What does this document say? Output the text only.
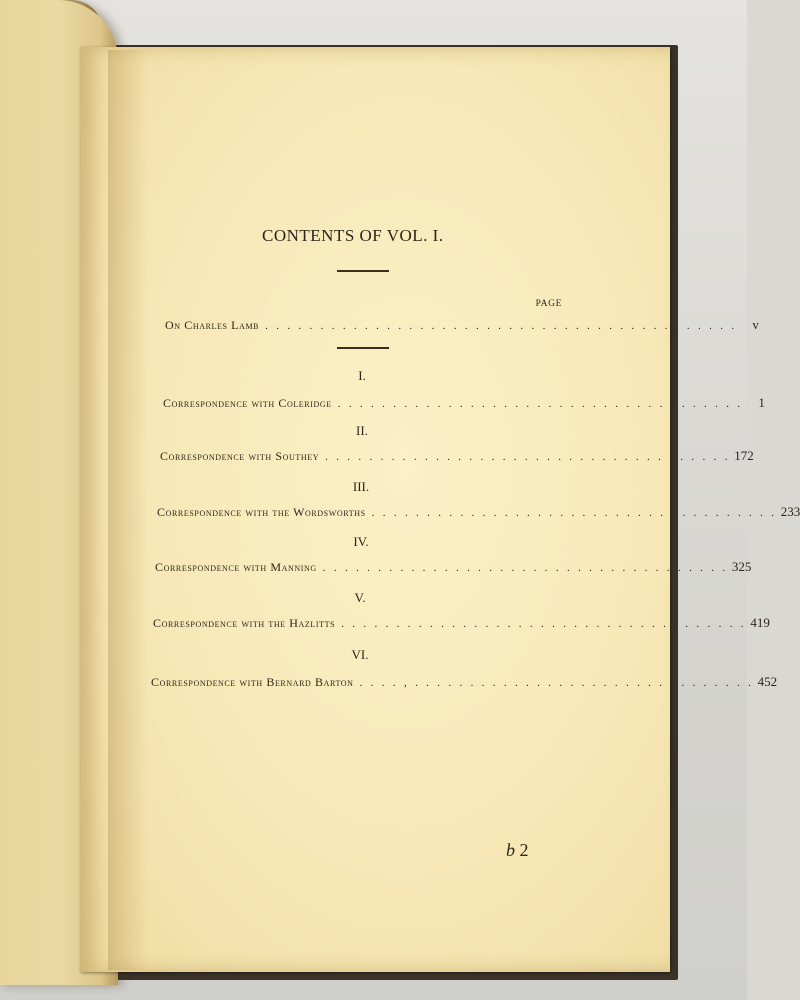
CONTENTS OF VOL. I.
PAGE
On Charles Lamb . . . . . . . . . . . . . . . . . . . . . . . . . . . . . . . . . . . . . . . . . . .	v
I.
Correspondence with Coleridge . . . . . . . . . . . . . . . . . . . . . . . . . . . . . . . . . . . . .	1
II.
Correspondence with Southey . . . . . . . . . . . . . . . . . . . . . . . . . . . . . . . . . . . . . 172
III.
Correspondence with the Wordsworths . . . . . . . . . . . . . . . . . . . . . . . . . . . . . . . . . . . . . 233
IV.
Correspondence with Manning . . . . . . . . . . . . . . . . . . . . . . . . . . . . . . . . . . . . . 325
V.
Correspondence with the Hazlitts . . . . . . . . . . . . . . . . . . . . . . . . . . . . . . . . . . . . . 419
VI.
Correspondence with Bernard Barton . . . . , . . . . . . . . . . . . . . . . . . . . . . . . . . . . . . . 452
b 2
